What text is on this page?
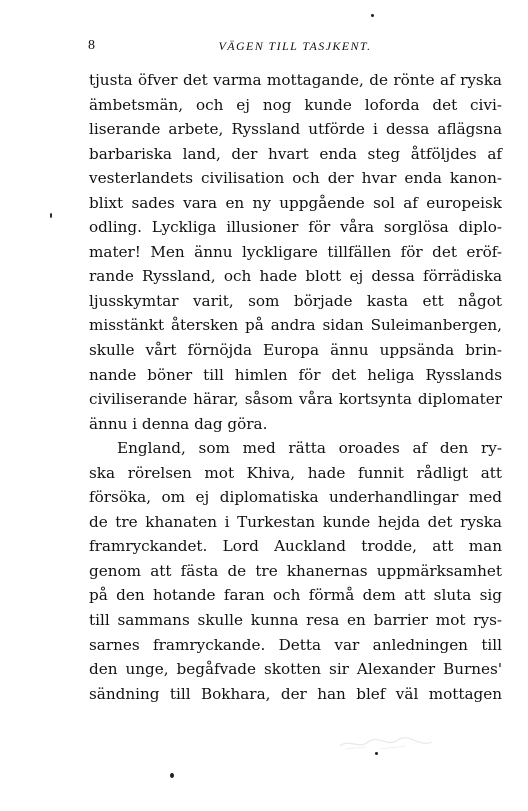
8	VÄGEN TILL TASJKENT.
tjusta öfver det varma mottagande, de rönte af ryska
ämbetsmän, och ej nog kunde loforda det civi-
liserande arbete, Ryssland utförde i dessa aflägsna
barbariska land, der hvart enda steg åtföljdes af
vesterlandets civilisation och der hvar enda kanon-
blixt sades vara en ny uppgående sol af europeisk
odling. Lyckliga illusioner för våra sorglösa diplo-
mater! Men ännu lyckligare tillfällen för det eröf-
rande Ryssland, och hade blott ej dessa förrädiska
ljusskymtar varit, som började kasta ett något
misstänkt återsken på andra sidan Suleimanbergen,
skulle vårt förnöjda Europa ännu uppsända brin-
nande böner till himlen för det heliga Rysslands
civiliserande härar, såsom våra kortsynta diplomater
ännu i denna dag göra.
England, som med rätta oroades af den ry-
ska rörelsen mot Khiva, hade funnit rådligt att
försöka, om ej diplomatiska underhandlingar med
de tre khanaten i Turkestan kunde hejda det ryska
framryckandet. Lord Auckland trodde, att man
genom att fästa de tre khanernas uppmärksamhet
på den hotande faran och förmå dem att sluta sig
till sammans skulle kunna resa en barrier mot rys-
sarnes framryckande. Detta var anledningen till
den unge, begåfvade skotten sir Alexander Burnes'
sändning till Bokhara, der han blef väl mottagen
